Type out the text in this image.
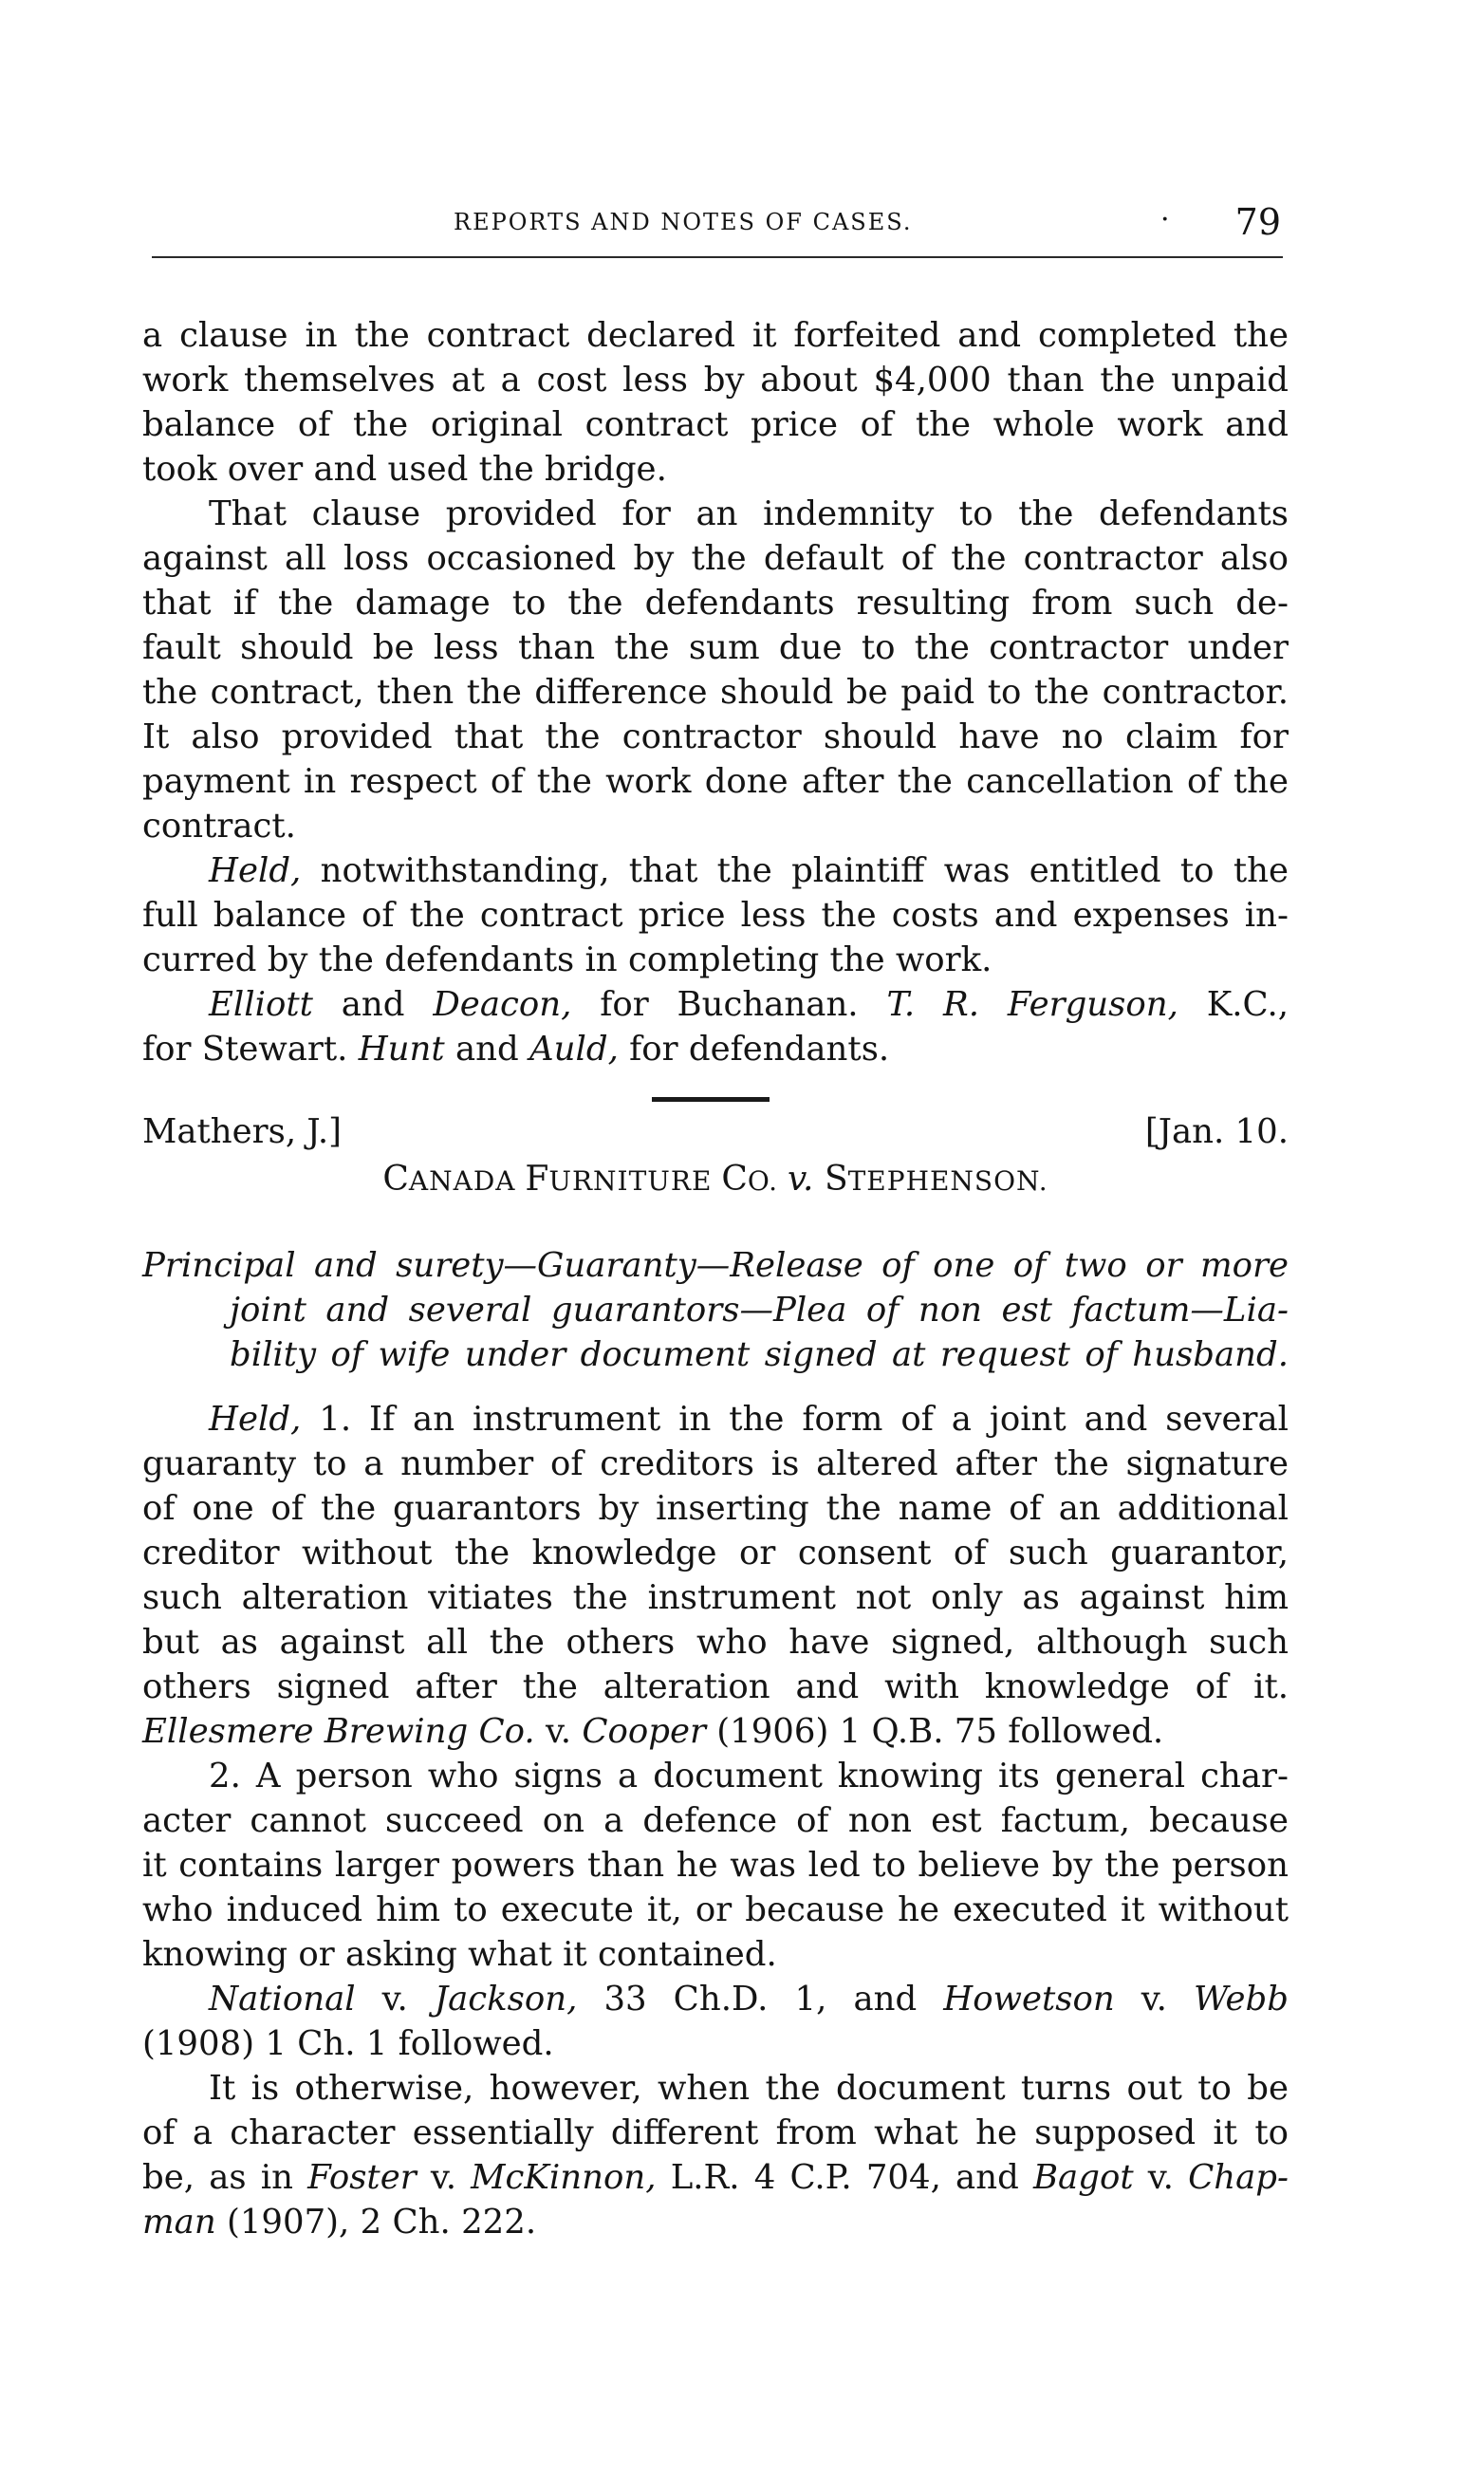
REPORTS AND NOTES OF CASES.	· 79
a clause in the contract declared it forfeited and completed the
work themselves at a cost less by about $4,000 than the unpaid
balance of the original contract price of the whole work and
took over and used the bridge.
That clause provided for an indemnity to the defendants
against all loss occasioned by the default of the contractor also
that if the damage to the defendants resulting from such de-
fault should be less than the sum due to the contractor under
the contract, then the difference should be paid to the contractor.
It also provided that the contractor should have no claim for
payment in respect of the work done after the cancellation of the
contract.
Held, notwithstanding, that the plaintiff was entitled to the
full balance of the contract price less the costs and expenses in-
curred by the defendants in completing the work.
Elliott and Deacon, for Buchanan. T. R. Ferguson, K.C.,
for Stewart. Hunt and Auld, for defendants.
Mathers, J.]	[Jan. 10.
CANADA FURNITURE CO. v. STEPHENSON.
Principal and surety—Guaranty—Release of one of two or more
joint and several guarantors—Plea of non est factum—Lia-
bility of wife under document signed at request of husband.
Held, 1. If an instrument in the form of a joint and several
guaranty to a number of creditors is altered after the signature
of one of the guarantors by inserting the name of an additional
creditor without the knowledge or consent of such guarantor,
such alteration vitiates the instrument not only as against him
but as against all the others who have signed, although such
others signed after the alteration and with knowledge of it.
Ellesmere Brewing Co. v. Cooper (1906) 1 Q.B. 75 followed.
2. A person who signs a document knowing its general char-
acter cannot succeed on a defence of non est factum, because
it contains larger powers than he was led to believe by the person
who induced him to execute it, or because he executed it without
knowing or asking what it contained.
National v. Jackson, 33 Ch.D. 1, and Howetson v. Webb
(1908) 1 Ch. 1 followed.
It is otherwise, however, when the document turns out to be
of a character essentially different from what he supposed it to
be, as in Foster v. McKinnon, L.R. 4 C.P. 704, and Bagot v. Chap-
man (1907), 2 Ch. 222.
